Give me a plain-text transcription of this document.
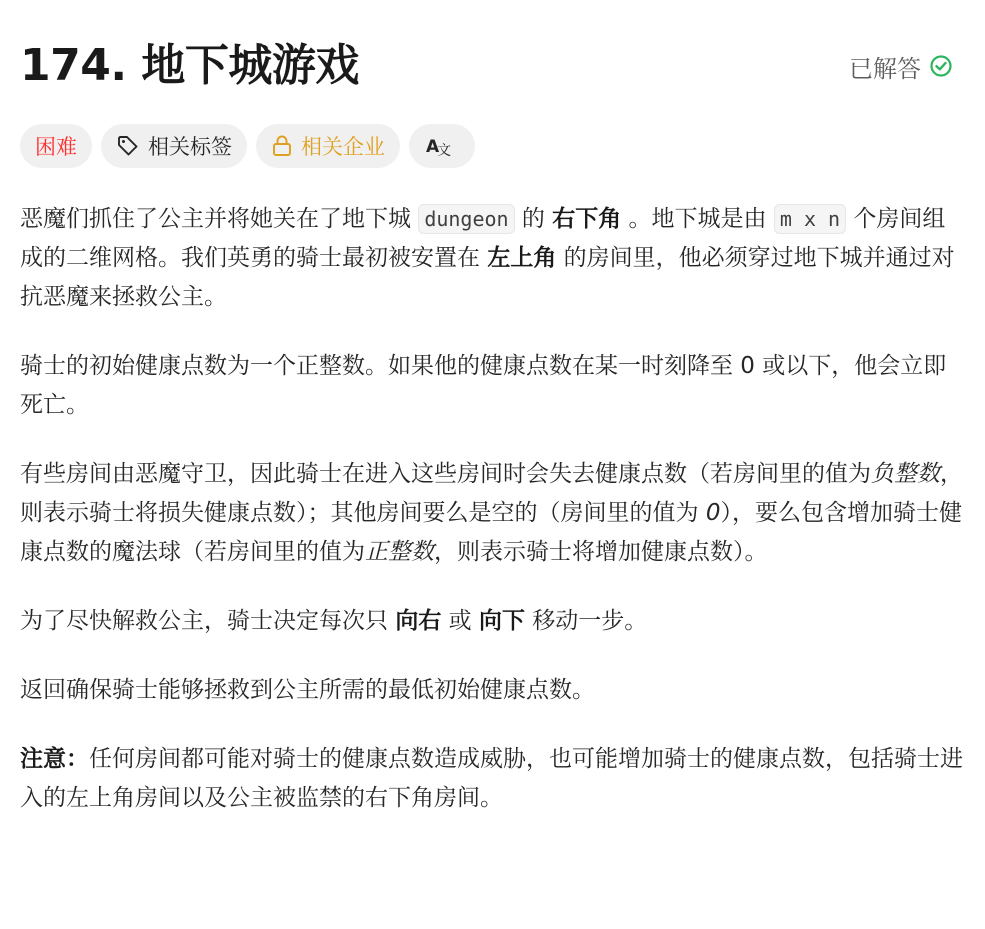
174. 地下城游戏	已解答
困难	相关标签	相关企业 A
文

恶魔们抓住了公主并将她关在了地下城 dungeon 的 右下角 。地下城是由 m x n 个房间组成的二维网格。我们英勇的骑士最初被安置在 左上角 的房间里，他必须穿过地下城并通过对抗恶魔来拯救公主。

骑士的初始健康点数为一个正整数。如果他的健康点数在某一时刻降至 0 或以下，他会立即死亡。

有些房间由恶魔守卫，因此骑士在进入这些房间时会失去健康点数（若房间里的值为负整数，则表示骑士将损失健康点数）；其他房间要么是空的（房间里的值为 0），要么包含增加骑士健康点数的魔法球（若房间里的值为正整数，则表示骑士将增加健康点数）。

为了尽快解救公主，骑士决定每次只 向右 或 向下 移动一步。

返回确保骑士能够拯救到公主所需的最低初始健康点数。

注意：任何房间都可能对骑士的健康点数造成威胁，也可能增加骑士的健康点数，包括骑士进入的左上角房间以及公主被监禁的右下角房间。
